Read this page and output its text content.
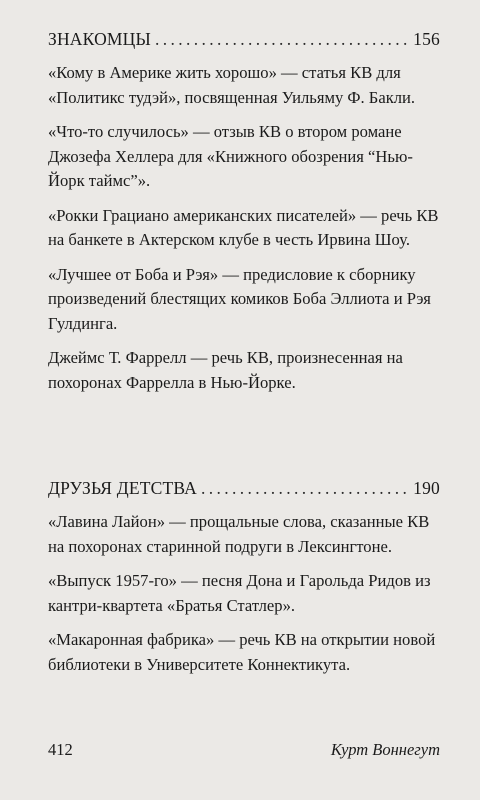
ЗНАКОМЦЫ . . .	156

«Кому в Америке жить хорошо» — статья КВ для «Политикс тудэй», посвященная Уильяму Ф. Бакли.

«Что-то случилось» — отзыв КВ о втором романе Джозефа Хеллера для «Книжного обозрения “Нью-Йорк таймс”».

«Рокки Грациано американских писателей» — речь КВ на банкете в Актерском клубе в честь Ирвина Шоу.

«Лучшее от Боба и Рэя» — предисловие к сборнику произведений блестящих комиков Боба Эллиота и Рэя Гулдинга.

Джеймс Т. Фаррелл — речь КВ, произнесенная на похоронах Фаррелла в Нью-Йорке.

ДРУЗЬЯ ДЕТСТВА . . .	190

«Лавина Лайон» — прощальные слова, сказанные КВ на похоронах старинной подруги в Лексингтоне.

«Выпуск 1957-го» — песня Дона и Гарольда Ридов из кантри-квартета «Братья Статлер».

«Макаронная фабрика» — речь КВ на открытии новой библиотеки в Университете Коннектикута.

412	Курт Воннегут
